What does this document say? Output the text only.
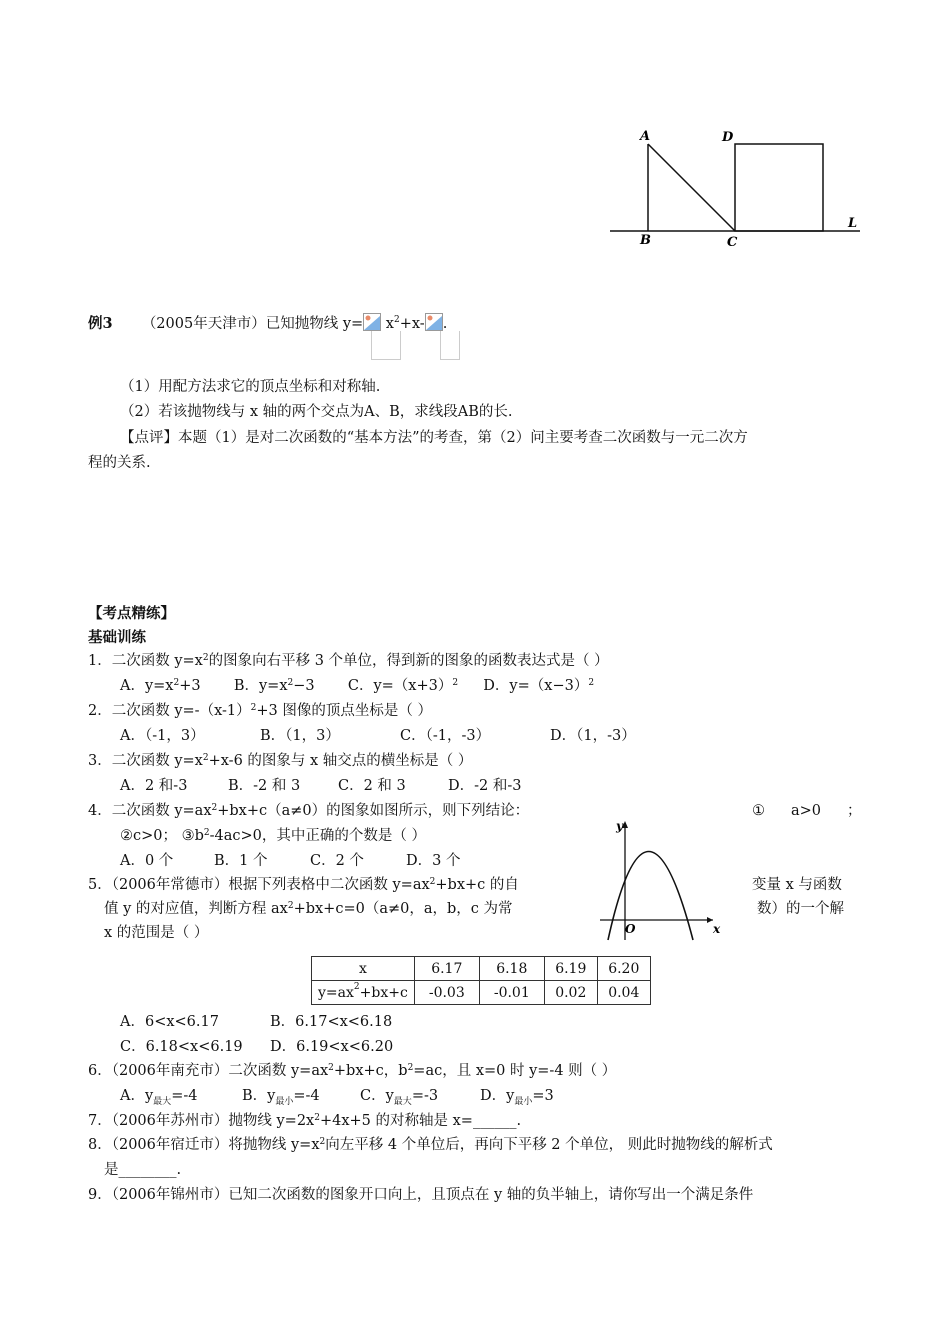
A
B	C
D
L
例3 （2005年天津市）已知抛物线 $y= x^2+x-$ .
（1）用配方法求它的顶点坐标和对称轴.
（2）若该抛物线与 x 轴的两个交点为A、B，求线段AB的长.
【点评】本题（1）是对二次函数的“基本方法”的考查，第（2）问主要考查二次函数与一元二次方
程的关系.
【考点精练】
基础训练
1．二次函数 $y=x^2$的图象向右平移 3 个单位，得到新的图象的函数表达式是（ ）
A．$y=x^2+3$ B．$y=x^2-3$ C．$y=(x+3)^2$ D．$y=(x-3)^2$
2．二次函数 $y=-(x-1)^2+3$ 图像的顶点坐标是（ ）
A．（-1，3）	B．（1，3）	C．（-1，-3）	D．（1，-3）
3．二次函数 $y=x^2+x-6$ 的图象与 x 轴交点的横坐标是（ ）
A．2 和-3	B．-2 和 3	C．2 和 3	D．-2 和-3
4．二次函数 $y=ax^2+bx+c(a\ne 0)$的图象如图所示，则下列结论：	① a>0 ；
②c>0； $③b^2-4ac>0$，其中正确的个数是（ ）
A．0 个	B．1 个	C．2 个	D．3 个
y
x
O
5．（2006年常德市）根据下列表格中二次函数 $y=ax^2+bx+c$ 的自	变量 x 与函数
值 y 的对应值，判断方程 $ax^2+bx+c=0(a\ne 0$，a，b，c 为常	数）的一个解
x 的范围是（ ）
x	6.17	6.18	6.19	6.20
$y=ax^2+bx+c$	-0.03	-0.01	0.02	0.04
A．6<x<6.17	B．6.17<x<6.18
C．6.18<x<6.19 D．6.19<x<6.20
6．（2006年南充市）二次函数 $y=ax^2+bx+c$，$b^2=ac$，且 x=0 时 y=-4 则（ ）
A．$y_{最大}=-4$	B．$y_{最小}=-4$	C．$y_{最大}=-3$	D．$y_{最小}=3$
7．（2006年苏州市）抛物线 $y=2x^2+4x+5$ 的对称轴是 x=______.
8．（2006年宿迁市）将抛物线 $y=x^2$向左平移 4 个单位后，再向下平移 2 个单位， 则此时抛物线的解析式
是________.
9．（2006年锦州市）已知二次函数的图象开口向上，且顶点在 y 轴的负半轴上，请你写出一个满足条件
